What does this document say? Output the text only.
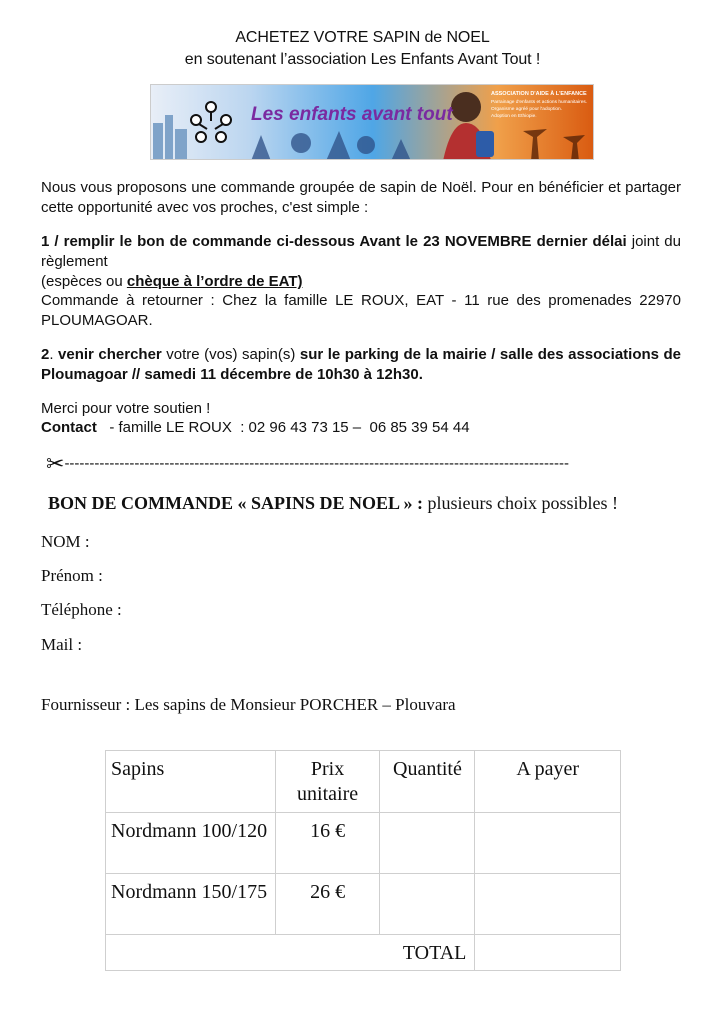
ACHETEZ VOTRE SAPIN de NOEL
en soutenant l’association Les Enfants Avant Tout !
Les enfants avant tout
ASSOCIATION D'AIDE À L'ENFANCE
Parrainage d'enfants et actions humanitaires.
Organisme agréé pour l'adoption.
Adoption en Ethiopie.
Nous vous proposons une commande groupée de sapin de Noël. Pour en bénéficier et partager cette opportunité avec vos proches, c'est simple :
1 / remplir le bon de commande ci-dessous Avant le 23 NOVEMBRE dernier délai joint du règlement
(espèces ou chèque à l’ordre de EAT)
Commande à retourner : Chez la famille LE ROUX, EAT - 11 rue des promenades 22970 PLOUMAGOAR.
2. venir chercher votre (vos) sapin(s) sur le parking de la mairie / salle des associations de Ploumagoar // samedi 11 décembre de 10h30 à 12h30.
Merci pour votre soutien !
Contact   - famille LE ROUX  : 02 96 43 73 15 –  06 85 39 54 44
✂-----------------------------------------------------------------------------------------------------
BON DE COMMANDE « SAPINS DE NOEL » : plusieurs choix possibles !
NOM :
Prénom :
Téléphone :
Mail :
Fournisseur : Les sapins de Monsieur PORCHER – Plouvara
Sapins	Prix unitaire	Quantité	A payer
Nordmann 100/120	16 €		
Nordmann 150/175	26 €		
TOTAL			
